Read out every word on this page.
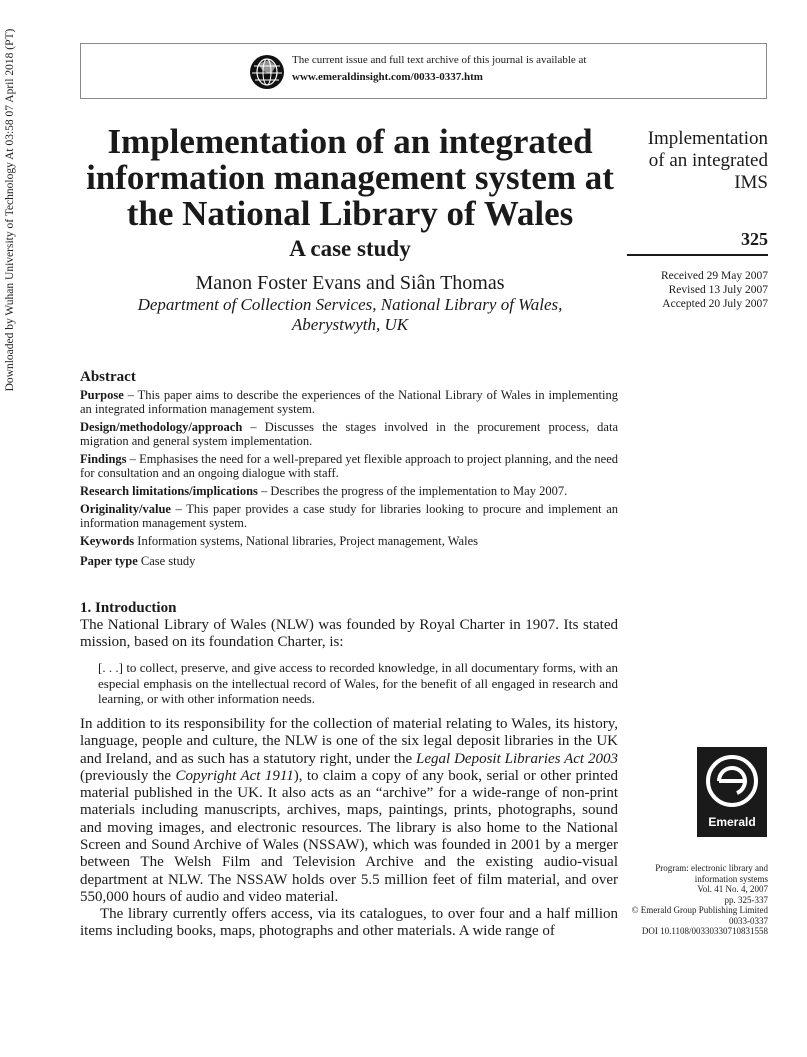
Downloaded by Wuhan University of Technology At 03:58 07 April 2018 (PT)	The current issue and full text archive of this journal is available at
www.emeraldinsight.com/0033-0337.htm
Implementation of an integrated information management system at the National Library of Wales
A case study
Manon Foster Evans and Siân Thomas
Department of Collection Services, National Library of Wales,
Aberystwyth, UK
Implementation
of an integrated
IMS
325
Received 29 May 2007
Revised 13 July 2007
Accepted 20 July 2007
Emerald
Program: electronic library and
information systems
Vol. 41 No. 4, 2007
pp. 325-337
© Emerald Group Publishing Limited
0033-0337
DOI 10.1108/00330330710831558
Abstract

Purpose – This paper aims to describe the experiences of the National Library of Wales in implementing an integrated information management system.

Design/methodology/approach – Discusses the stages involved in the procurement process, data migration and general system implementation.

Findings – Emphasises the need for a well-prepared yet flexible approach to project planning, and the need for consultation and an ongoing dialogue with staff.

Research limitations/implications – Describes the progress of the implementation to May 2007.

Originality/value – This paper provides a case study for libraries looking to procure and implement an information management system.

Keywords Information systems, National libraries, Project management, Wales

Paper type Case study

1. Introduction

The National Library of Wales (NLW) was founded by Royal Charter in 1907. Its stated mission, based on its foundation Charter, is:

[. . .] to collect, preserve, and give access to recorded knowledge, in all documentary forms, with an especial emphasis on the intellectual record of Wales, for the benefit of all engaged in research and learning, or with other information needs.

In addition to its responsibility for the collection of material relating to Wales, its history, language, people and culture, the NLW is one of the six legal deposit libraries in the UK and Ireland, and as such has a statutory right, under the Legal Deposit Libraries Act 2003 (previously the Copyright Act 1911), to claim a copy of any book, serial or other printed material published in the UK. It also acts as an “archive” for a wide-range of non-print materials including manuscripts, archives, maps, paintings, prints, photographs, sound and moving images, and electronic resources. The library is also home to the National Screen and Sound Archive of Wales (NSSAW), which was founded in 2001 by a merger between The Welsh Film and Television Archive and the existing audio-visual department at NLW. The NSSAW holds over 5.5 million feet of film material, and over 550,000 hours of audio and video material.

The library currently offers access, via its catalogues, to over four and a half million items including books, maps, photographs and other materials. A wide range of
